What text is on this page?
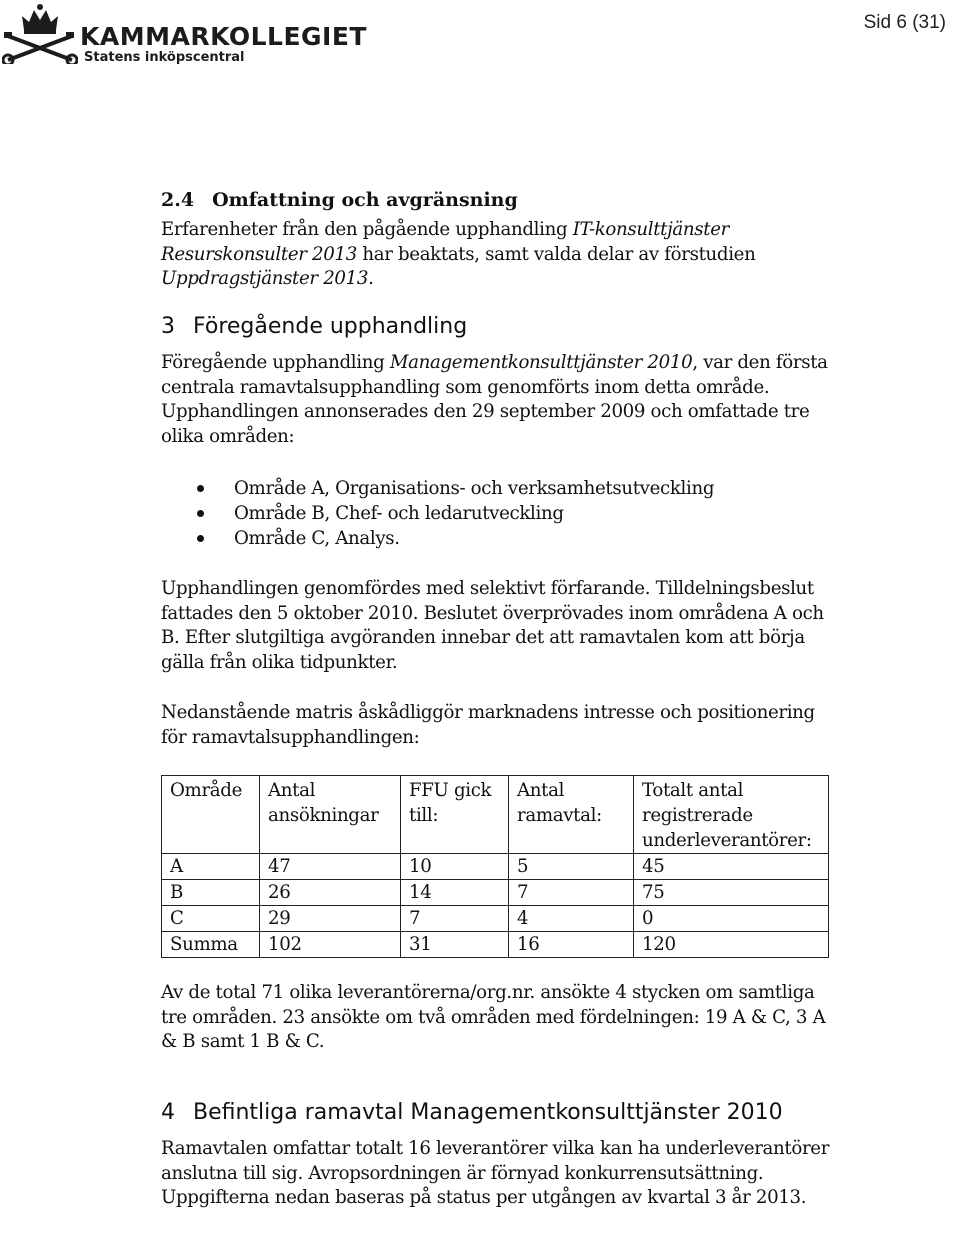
KAMMARKOLLEGIET
Statens inköpscentral
Sid 6 (31)
2.4 Omfattning och avgränsning

Erfarenheter från den pågående upphandling IT-konsulttjänster Resurskonsulter 2013 har beaktats, samt valda delar av förstudien Uppdragstjänster 2013.

3 Föregående upphandling

Föregående upphandling Managementkonsulttjänster 2010, var den första centrala ramavtalsupphandling som genomförts inom detta område. Upphandlingen annonserades den 29 september 2009 och omfattade tre olika områden:

Område A, Organisations- och verksamhetsutveckling
Område B, Chef- och ledarutveckling
Område C, Analys.

Upphandlingen genomfördes med selektivt förfarande. Tilldelningsbeslut fattades den 5 oktober 2010. Beslutet överprövades inom områdena A och B. Efter slutgiltiga avgöranden innebar det att ramavtalen kom att börja gälla från olika tidpunkter.

Nedanstående matris åskådliggör marknadens intresse och positionering för ramavtalsupphandlingen:

Område	Antal ansökningar	FFU gick till:	Antal ramavtal:	Totalt antal registrerade underleverantörer:
A	47	10	5	45
B	26	14	7	75
C	29	7	4	0
Summa	102	31	16	120

Av de total 71 olika leverantörerna/org.nr. ansökte 4 stycken om samtliga tre områden. 23 ansökte om två områden med fördelningen: 19 A & C, 3 A & B samt 1 B & C.

4 Befintliga ramavtal Managementkonsulttjänster 2010

Ramavtalen omfattar totalt 16 leverantörer vilka kan ha underleverantörer anslutna till sig. Avropsordningen är förnyad konkurrensutsättning. Uppgifterna nedan baseras på status per utgången av kvartal 3 år 2013.
